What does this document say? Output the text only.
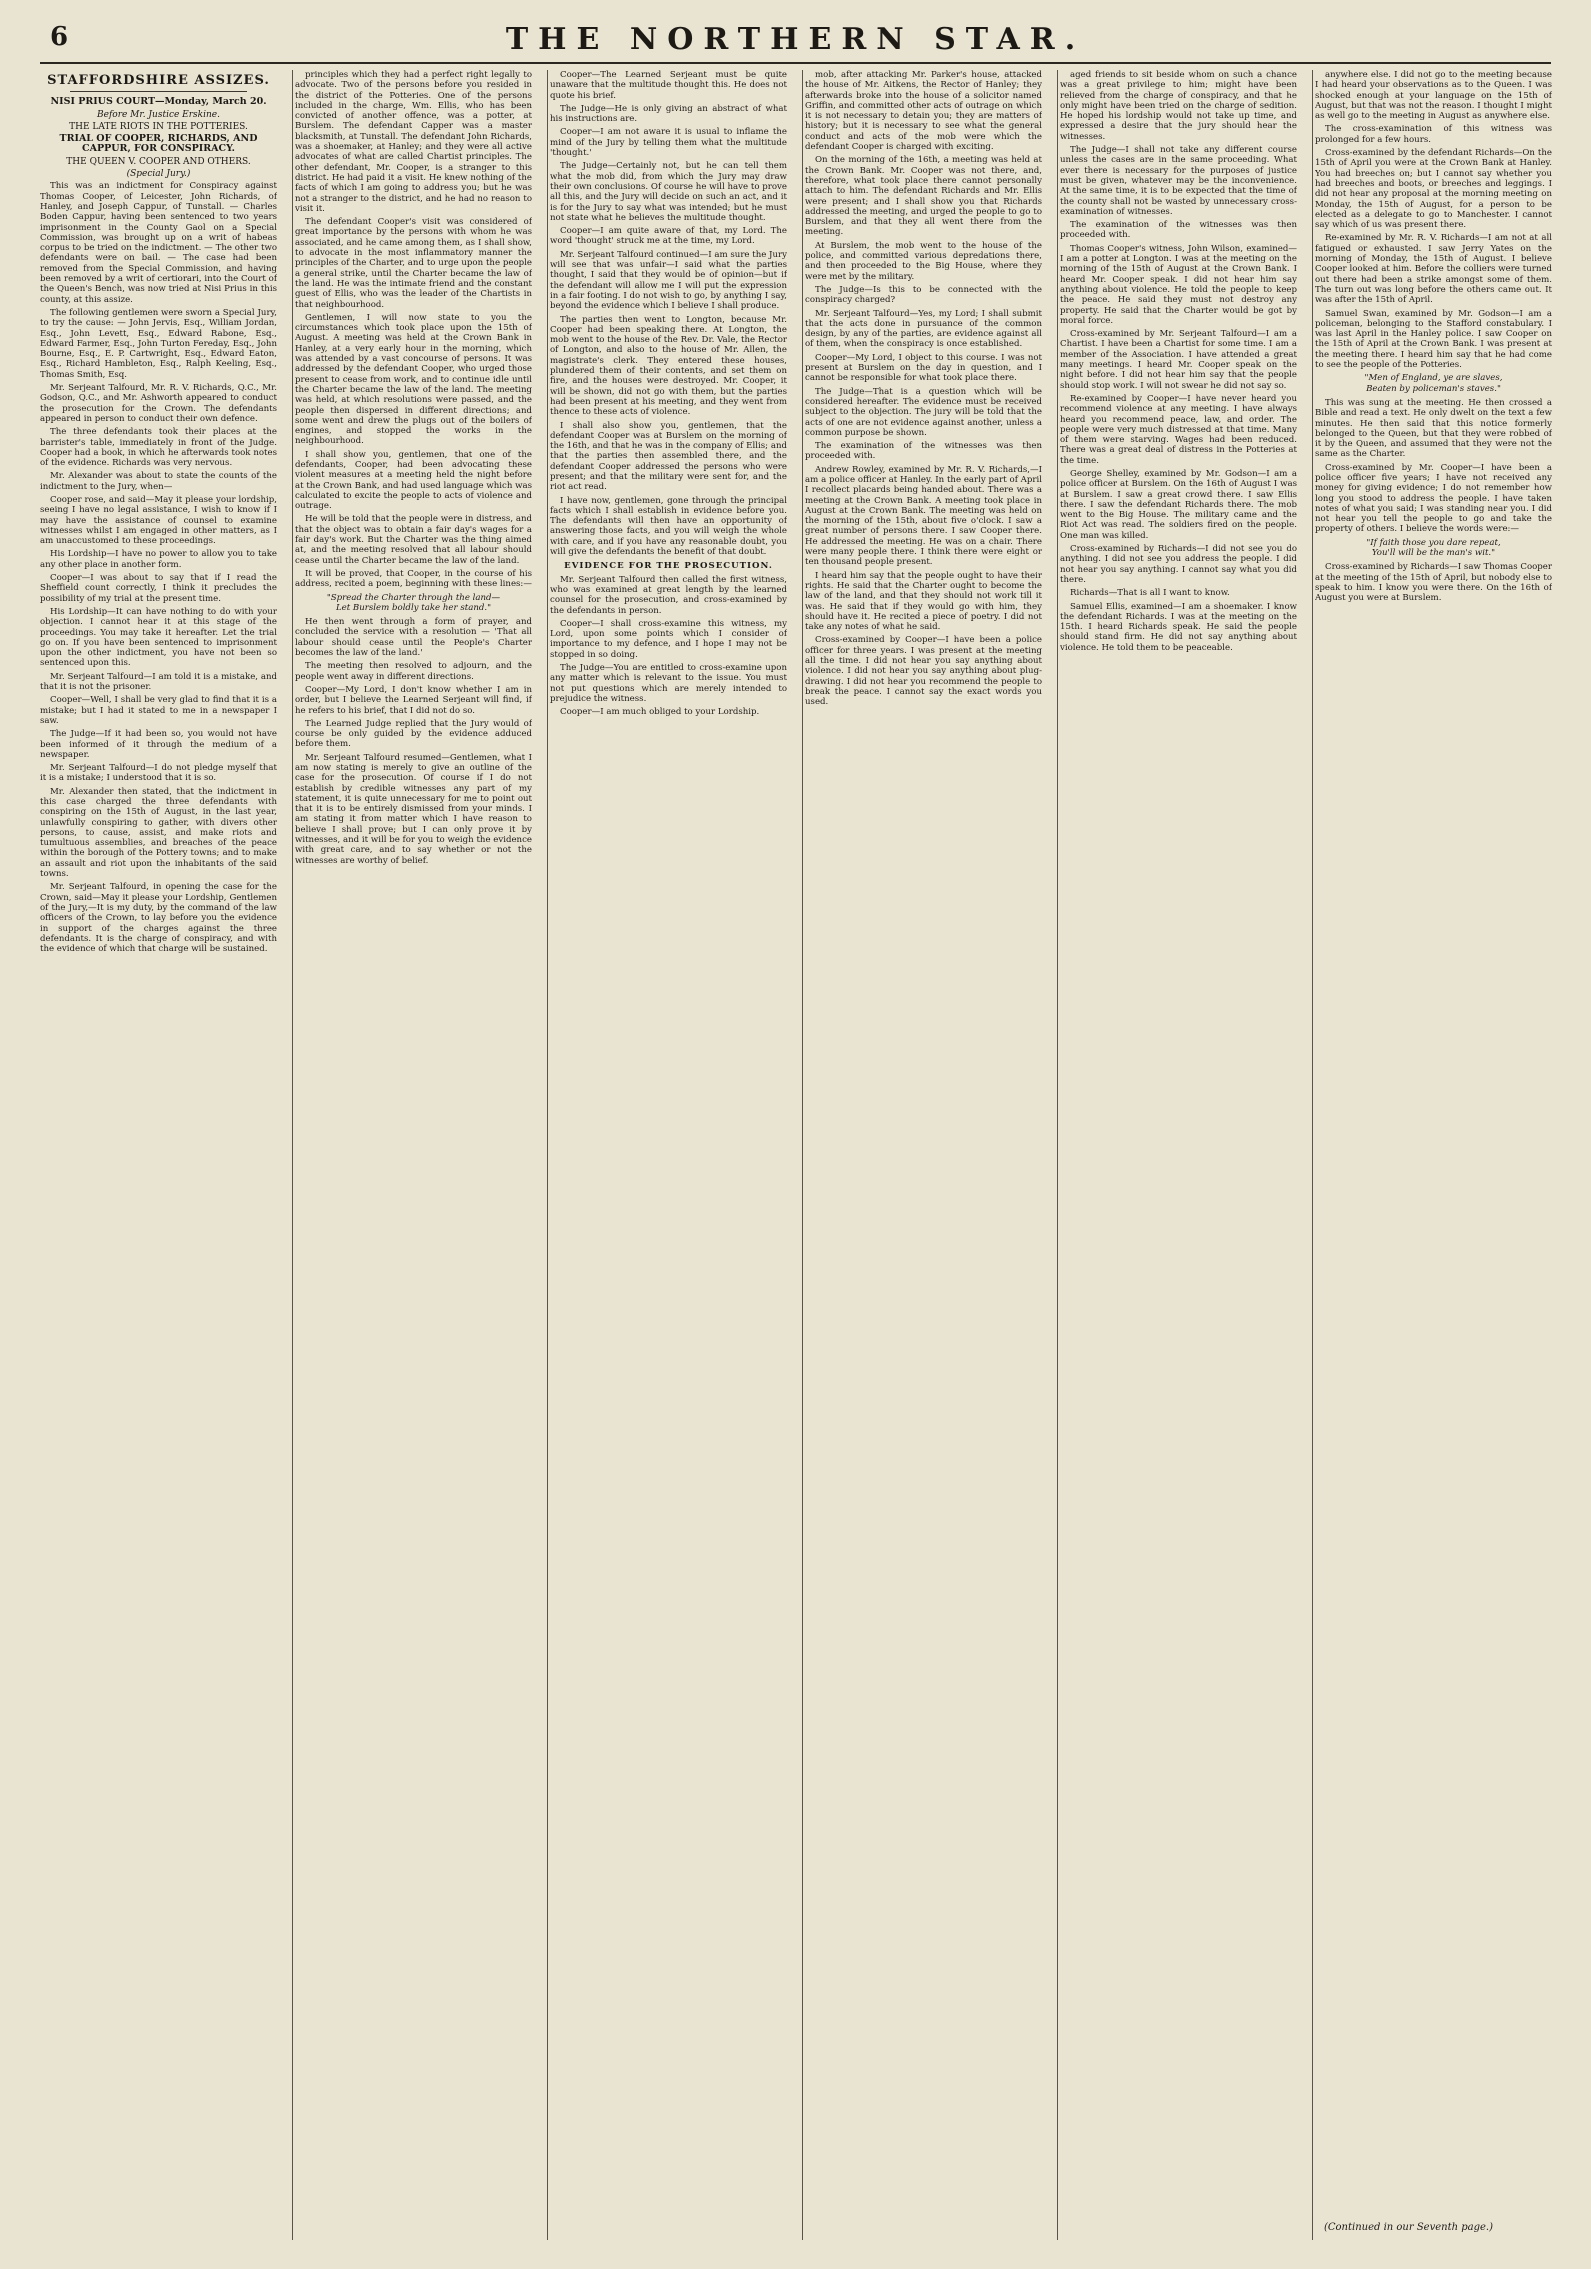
6	THE NORTHERN STAR.
STAFFORDSHIRE ASSIZES.
NISI PRIUS COURT—Monday, March 20.
Before Mr. Justice Erskine.
THE LATE RIOTS IN THE POTTERIES.
TRIAL OF COOPER, RICHARDS, AND CAPPUR, FOR CONSPIRACY.
THE QUEEN V. COOPER AND OTHERS.
(Special Jury.)

This was an indictment for Conspiracy against Thomas Cooper, of Leicester, John Richards, of Hanley, and Joseph Cappur, of Tunstall. — Charles Boden Cappur, having been sentenced to two years imprisonment in the County Gaol on a Special Commission, was brought up on a writ of habeas corpus to be tried on the indictment. — The other two defendants were on bail. — The case had been removed from the Special Commission, and having been removed by a writ of certiorari, into the Court of the Queen's Bench, was now tried at Nisi Prius in this county, at this assize.

The following gentlemen were sworn a Special Jury, to try the cause: — John Jervis, Esq., William Jordan, Esq., John Levett, Esq., Edward Rabone, Esq., Edward Farmer, Esq., John Turton Fereday, Esq., John Bourne, Esq., E. P. Cartwright, Esq., Edward Eaton, Esq., Richard Hambleton, Esq., Ralph Keeling, Esq., Thomas Smith, Esq.

Mr. Serjeant Talfourd, Mr. R. V. Richards, Q.C., Mr. Godson, Q.C., and Mr. Ashworth appeared to conduct the prosecution for the Crown. The defendants appeared in person to conduct their own defence.

The three defendants took their places at the barrister's table, immediately in front of the Judge. Cooper had a book, in which he afterwards took notes of the evidence. Richards was very nervous.

Mr. Alexander was about to state the counts of the indictment to the Jury, when—

Cooper rose, and said—May it please your lordship, seeing I have no legal assistance, I wish to know if I may have the assistance of counsel to examine witnesses whilst I am engaged in other matters, as I am unaccustomed to these proceedings.

His Lordship—I have no power to allow you to take any other place in another form.

Cooper—I was about to say that if I read the Sheffield count correctly, I think it precludes the possibility of my trial at the present time.

His Lordship—It can have nothing to do with your objection. I cannot hear it at this stage of the proceedings. You may take it hereafter. Let the trial go on. If you have been sentenced to imprisonment upon the other indictment, you have not been so sentenced upon this.

Mr. Serjeant Talfourd—I am told it is a mistake, and that it is not the prisoner.

Cooper—Well, I shall be very glad to find that it is a mistake; but I had it stated to me in a newspaper I saw.

The Judge—If it had been so, you would not have been informed of it through the medium of a newspaper.

Mr. Serjeant Talfourd—I do not pledge myself that it is a mistake; I understood that it is so.

Mr. Alexander then stated, that the indictment in this case charged the three defendants with conspiring on the 15th of August, in the last year, unlawfully conspiring to gather, with divers other persons, to cause, assist, and make riots and tumultuous assemblies, and breaches of the peace within the borough of the Pottery towns; and to make an assault and riot upon the inhabitants of the said towns.

Mr. Serjeant Talfourd, in opening the case for the Crown, said—May it please your Lordship, Gentlemen of the Jury,—It is my duty, by the command of the law officers of the Crown, to lay before you the evidence in support of the charges against the three defendants. It is the charge of conspiracy, and with the evidence of which that charge will be sustained.

principles which they had a perfect right legally to advocate. Two of the persons before you resided in the district of the Potteries. One of the persons included in the charge, Wm. Ellis, who has been convicted of another offence, was a potter, at Burslem. The defendant Capper was a master blacksmith, at Tunstall. The defendant John Richards, was a shoemaker, at Hanley; and they were all active advocates of what are called Chartist principles. The other defendant, Mr. Cooper, is a stranger to this district. He had paid it a visit. He knew nothing of the facts of which I am going to address you; but he was not a stranger to the district, and he had no reason to visit it.

The defendant Cooper's visit was considered of great importance by the persons with whom he was associated, and he came among them, as I shall show, to advocate in the most inflammatory manner the principles of the Charter, and to urge upon the people a general strike, until the Charter became the law of the land. He was the intimate friend and the constant guest of Ellis, who was the leader of the Chartists in that neighbourhood.

Gentlemen, I will now state to you the circumstances which took place upon the 15th of August. A meeting was held at the Crown Bank in Hanley, at a very early hour in the morning, which was attended by a vast concourse of persons. It was addressed by the defendant Cooper, who urged those present to cease from work, and to continue idle until the Charter became the law of the land. The meeting was held, at which resolutions were passed, and the people then dispersed in different directions; and some went and drew the plugs out of the boilers of engines, and stopped the works in the neighbourhood.

I shall show you, gentlemen, that one of the defendants, Cooper, had been advocating these violent measures at a meeting held the night before at the Crown Bank, and had used language which was calculated to excite the people to acts of violence and outrage.

He will be told that the people were in distress, and that the object was to obtain a fair day's wages for a fair day's work. But the Charter was the thing aimed at, and the meeting resolved that all labour should cease until the Charter became the law of the land.

It will be proved, that Cooper, in the course of his address, recited a poem, beginning with these lines:—

"Spread the Charter through the land—
Let Burslem boldly take her stand."

He then went through a form of prayer, and concluded the service with a resolution — 'That all labour should cease until the People's Charter becomes the law of the land.'

The meeting then resolved to adjourn, and the people went away in different directions.

Cooper—My Lord, I don't know whether I am in order, but I believe the Learned Serjeant will find, if he refers to his brief, that I did not do so.

The Learned Judge replied that the Jury would of course be only guided by the evidence adduced before them.

Mr. Serjeant Talfourd resumed—Gentlemen, what I am now stating is merely to give an outline of the case for the prosecution. Of course if I do not establish by credible witnesses any part of my statement, it is quite unnecessary for me to point out that it is to be entirely dismissed from your minds. I am stating it from matter which I have reason to believe I shall prove; but I can only prove it by witnesses, and it will be for you to weigh the evidence with great care, and to say whether or not the witnesses are worthy of belief.

Cooper—The Learned Serjeant must be quite unaware that the multitude thought this. He does not quote his brief.

The Judge—He is only giving an abstract of what his instructions are.

Cooper—I am not aware it is usual to inflame the mind of the Jury by telling them what the multitude 'thought.'

The Judge—Certainly not, but he can tell them what the mob did, from which the Jury may draw their own conclusions. Of course he will have to prove all this, and the Jury will decide on such an act, and it is for the Jury to say what was intended; but he must not state what he believes the multitude thought.

Cooper—I am quite aware of that, my Lord. The word 'thought' struck me at the time, my Lord.

Mr. Serjeant Talfourd continued—I am sure the Jury will see that was unfair—I said what the parties thought, I said that they would be of opinion—but if the defendant will allow me I will put the expression in a fair footing. I do not wish to go, by anything I say, beyond the evidence which I believe I shall produce.

The parties then went to Longton, because Mr. Cooper had been speaking there. At Longton, the mob went to the house of the Rev. Dr. Vale, the Rector of Longton, and also to the house of Mr. Allen, the magistrate's clerk. They entered these houses, plundered them of their contents, and set them on fire, and the houses were destroyed. Mr. Cooper, it will be shown, did not go with them, but the parties had been present at his meeting, and they went from thence to these acts of violence.

I shall also show you, gentlemen, that the defendant Cooper was at Burslem on the morning of the 16th, and that he was in the company of Ellis; and that the parties then assembled there, and the defendant Cooper addressed the persons who were present; and that the military were sent for, and the riot act read.

I have now, gentlemen, gone through the principal facts which I shall establish in evidence before you. The defendants will then have an opportunity of answering those facts, and you will weigh the whole with care, and if you have any reasonable doubt, you will give the defendants the benefit of that doubt.

EVIDENCE FOR THE PROSECUTION.

Mr. Serjeant Talfourd then called the first witness, who was examined at great length by the learned counsel for the prosecution, and cross-examined by the defendants in person.

Cooper—I shall cross-examine this witness, my Lord, upon some points which I consider of importance to my defence, and I hope I may not be stopped in so doing.

The Judge—You are entitled to cross-examine upon any matter which is relevant to the issue. You must not put questions which are merely intended to prejudice the witness.

Cooper—I am much obliged to your Lordship.

mob, after attacking Mr. Parker's house, attacked the house of Mr. Aitkens, the Rector of Hanley; they afterwards broke into the house of a solicitor named Griffin, and committed other acts of outrage on which it is not necessary to detain you; they are matters of history; but it is necessary to see what the general conduct and acts of the mob were which the defendant Cooper is charged with exciting.

On the morning of the 16th, a meeting was held at the Crown Bank. Mr. Cooper was not there, and, therefore, what took place there cannot personally attach to him. The defendant Richards and Mr. Ellis were present; and I shall show you that Richards addressed the meeting, and urged the people to go to Burslem, and that they all went there from the meeting.

At Burslem, the mob went to the house of the police, and committed various depredations there, and then proceeded to the Big House, where they were met by the military.

The Judge—Is this to be connected with the conspiracy charged?

Mr. Serjeant Talfourd—Yes, my Lord; I shall submit that the acts done in pursuance of the common design, by any of the parties, are evidence against all of them, when the conspiracy is once established.

Cooper—My Lord, I object to this course. I was not present at Burslem on the day in question, and I cannot be responsible for what took place there.

The Judge—That is a question which will be considered hereafter. The evidence must be received subject to the objection. The jury will be told that the acts of one are not evidence against another, unless a common purpose be shown.

The examination of the witnesses was then proceeded with.

Andrew Rowley, examined by Mr. R. V. Richards,—I am a police officer at Hanley. In the early part of April I recollect placards being handed about. There was a meeting at the Crown Bank. A meeting took place in August at the Crown Bank. The meeting was held on the morning of the 15th, about five o'clock. I saw a great number of persons there. I saw Cooper there. He addressed the meeting. He was on a chair. There were many people there. I think there were eight or ten thousand people present.

I heard him say that the people ought to have their rights. He said that the Charter ought to become the law of the land, and that they should not work till it was. He said that if they would go with him, they should have it. He recited a piece of poetry. I did not take any notes of what he said.

Cross-examined by Cooper—I have been a police officer for three years. I was present at the meeting all the time. I did not hear you say anything about violence. I did not hear you say anything about plug-drawing. I did not hear you recommend the people to break the peace. I cannot say the exact words you used.

aged friends to sit beside whom on such a chance was a great privilege to him; might have been relieved from the charge of conspiracy, and that he only might have been tried on the charge of sedition. He hoped his lordship would not take up time, and expressed a desire that the jury should hear the witnesses.

The Judge—I shall not take any different course unless the cases are in the same proceeding. What ever there is necessary for the purposes of justice must be given, whatever may be the inconvenience. At the same time, it is to be expected that the time of the county shall not be wasted by unnecessary cross-examination of witnesses.

The examination of the witnesses was then proceeded with.

Thomas Cooper's witness, John Wilson, examined—I am a potter at Longton. I was at the meeting on the morning of the 15th of August at the Crown Bank. I heard Mr. Cooper speak. I did not hear him say anything about violence. He told the people to keep the peace. He said they must not destroy any property. He said that the Charter would be got by moral force.

Cross-examined by Mr. Serjeant Talfourd—I am a Chartist. I have been a Chartist for some time. I am a member of the Association. I have attended a great many meetings. I heard Mr. Cooper speak on the night before. I did not hear him say that the people should stop work. I will not swear he did not say so.

Re-examined by Cooper—I have never heard you recommend violence at any meeting. I have always heard you recommend peace, law, and order. The people were very much distressed at that time. Many of them were starving. Wages had been reduced. There was a great deal of distress in the Potteries at the time.

George Shelley, examined by Mr. Godson—I am a police officer at Burslem. On the 16th of August I was at Burslem. I saw a great crowd there. I saw Ellis there. I saw the defendant Richards there. The mob went to the Big House. The military came and the Riot Act was read. The soldiers fired on the people. One man was killed.

Cross-examined by Richards—I did not see you do anything. I did not see you address the people. I did not hear you say anything. I cannot say what you did there.

Richards—That is all I want to know.

Samuel Ellis, examined—I am a shoemaker. I know the defendant Richards. I was at the meeting on the 15th. I heard Richards speak. He said the people should stand firm. He did not say anything about violence. He told them to be peaceable.

anywhere else. I did not go to the meeting because I had heard your observations as to the Queen. I was shocked enough at your language on the 15th of August, but that was not the reason. I thought I might as well go to the meeting in August as anywhere else.

The cross-examination of this witness was prolonged for a few hours.

Cross-examined by the defendant Richards—On the 15th of April you were at the Crown Bank at Hanley. You had breeches on; but I cannot say whether you had breeches and boots, or breeches and leggings. I did not hear any proposal at the morning meeting on Monday, the 15th of August, for a person to be elected as a delegate to go to Manchester. I cannot say which of us was present there.

Re-examined by Mr. R. V. Richards—I am not at all fatigued or exhausted. I saw Jerry Yates on the morning of Monday, the 15th of August. I believe Cooper looked at him. Before the colliers were turned out there had been a strike amongst some of them. The turn out was long before the others came out. It was after the 15th of April.

Samuel Swan, examined by Mr. Godson—I am a policeman, belonging to the Stafford constabulary. I was last April in the Hanley police. I saw Cooper on the 15th of April at the Crown Bank. I was present at the meeting there. I heard him say that he had come to see the people of the Potteries.

"Men of England, ye are slaves,
Beaten by policeman's staves."

This was sung at the meeting. He then crossed a Bible and read a text. He only dwelt on the text a few minutes. He then said that this notice formerly belonged to the Queen, but that they were robbed of it by the Queen, and assumed that they were not the same as the Charter.

Cross-examined by Mr. Cooper—I have been a police officer five years; I have not received any money for giving evidence; I do not remember how long you stood to address the people. I have taken notes of what you said; I was standing near you. I did not hear you tell the people to go and take the property of others. I believe the words were:—

"If faith those you dare repeat,
You'll will be the man's wit."

Cross-examined by Richards—I saw Thomas Cooper at the meeting of the 15th of April, but nobody else to speak to him. I know you were there. On the 16th of August you were at Burslem.

(Continued in our Seventh page.)
